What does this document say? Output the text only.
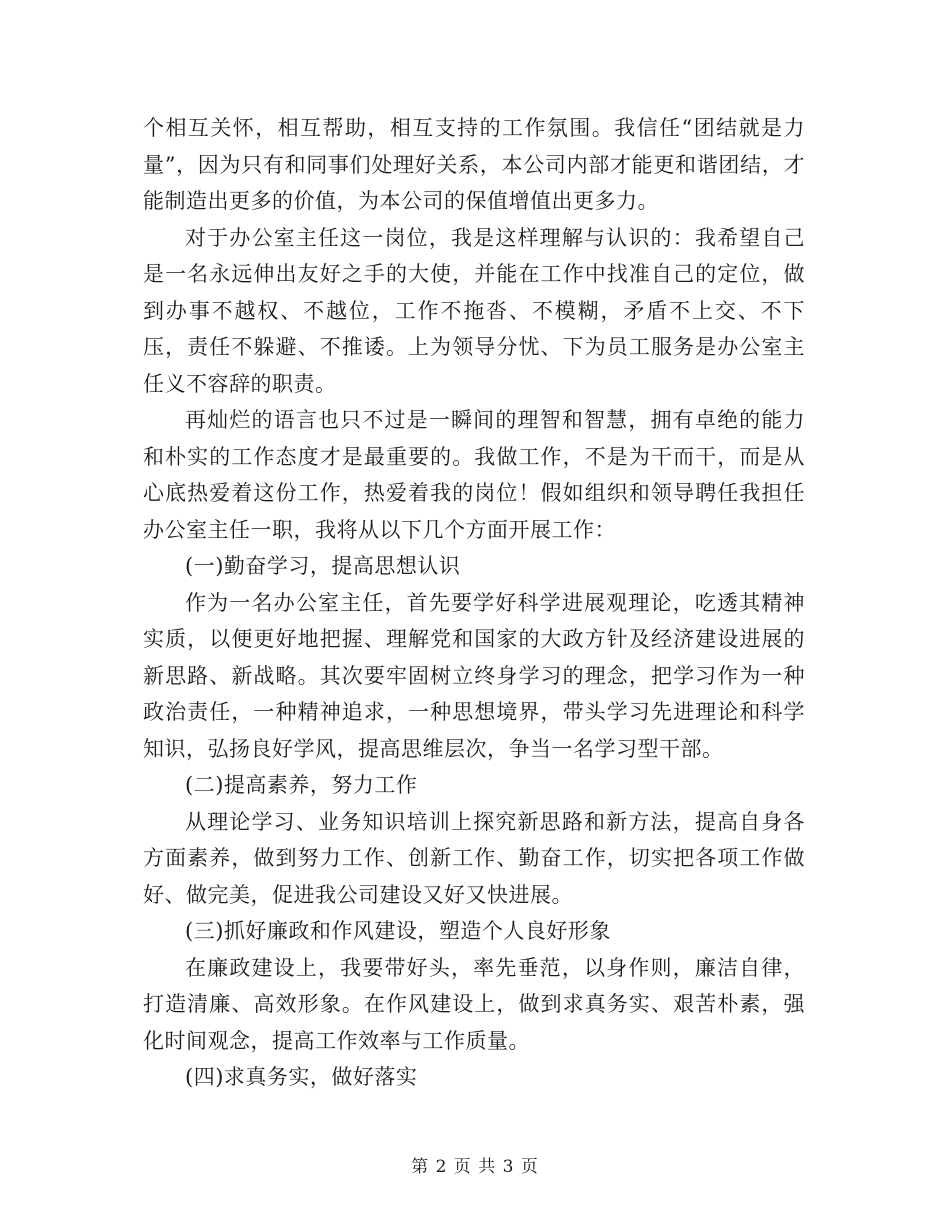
个相互关怀，相互帮助，相互支持的工作氛围。我信任“团结就是力量”，因为只有和同事们处理好关系，本公司内部才能更和谐团结，才能制造出更多的价值，为本公司的保值增值出更多力。

对于办公室主任这一岗位，我是这样理解与认识的：我希望自己是一名永远伸出友好之手的大使，并能在工作中找准自己的定位，做到办事不越权、不越位，工作不拖沓、不模糊，矛盾不上交、不下压，责任不躲避、不推诿。上为领导分忧、下为员工服务是办公室主任义不容辞的职责。

再灿烂的语言也只不过是一瞬间的理智和智慧，拥有卓绝的能力和朴实的工作态度才是最重要的。我做工作，不是为干而干，而是从心底热爱着这份工作，热爱着我的岗位！假如组织和领导聘任我担任办公室主任一职，我将从以下几个方面开展工作：

(一)勤奋学习，提高思想认识

作为一名办公室主任，首先要学好科学进展观理论，吃透其精神实质，以便更好地把握、理解党和国家的大政方针及经济建设进展的新思路、新战略。其次要牢固树立终身学习的理念，把学习作为一种政治责任，一种精神追求，一种思想境界，带头学习先进理论和科学知识，弘扬良好学风，提高思维层次，争当一名学习型干部。

(二)提高素养，努力工作

从理论学习、业务知识培训上探究新思路和新方法，提高自身各方面素养，做到努力工作、创新工作、勤奋工作，切实把各项工作做好、做完美，促进我公司建设又好又快进展。

(三)抓好廉政和作风建设，塑造个人良好形象

在廉政建设上，我要带好头，率先垂范，以身作则，廉洁自律，打造清廉、高效形象。在作风建设上，做到求真务实、艰苦朴素，强化时间观念，提高工作效率与工作质量。

(四)求真务实，做好落实

第 2 页 共 3 页
